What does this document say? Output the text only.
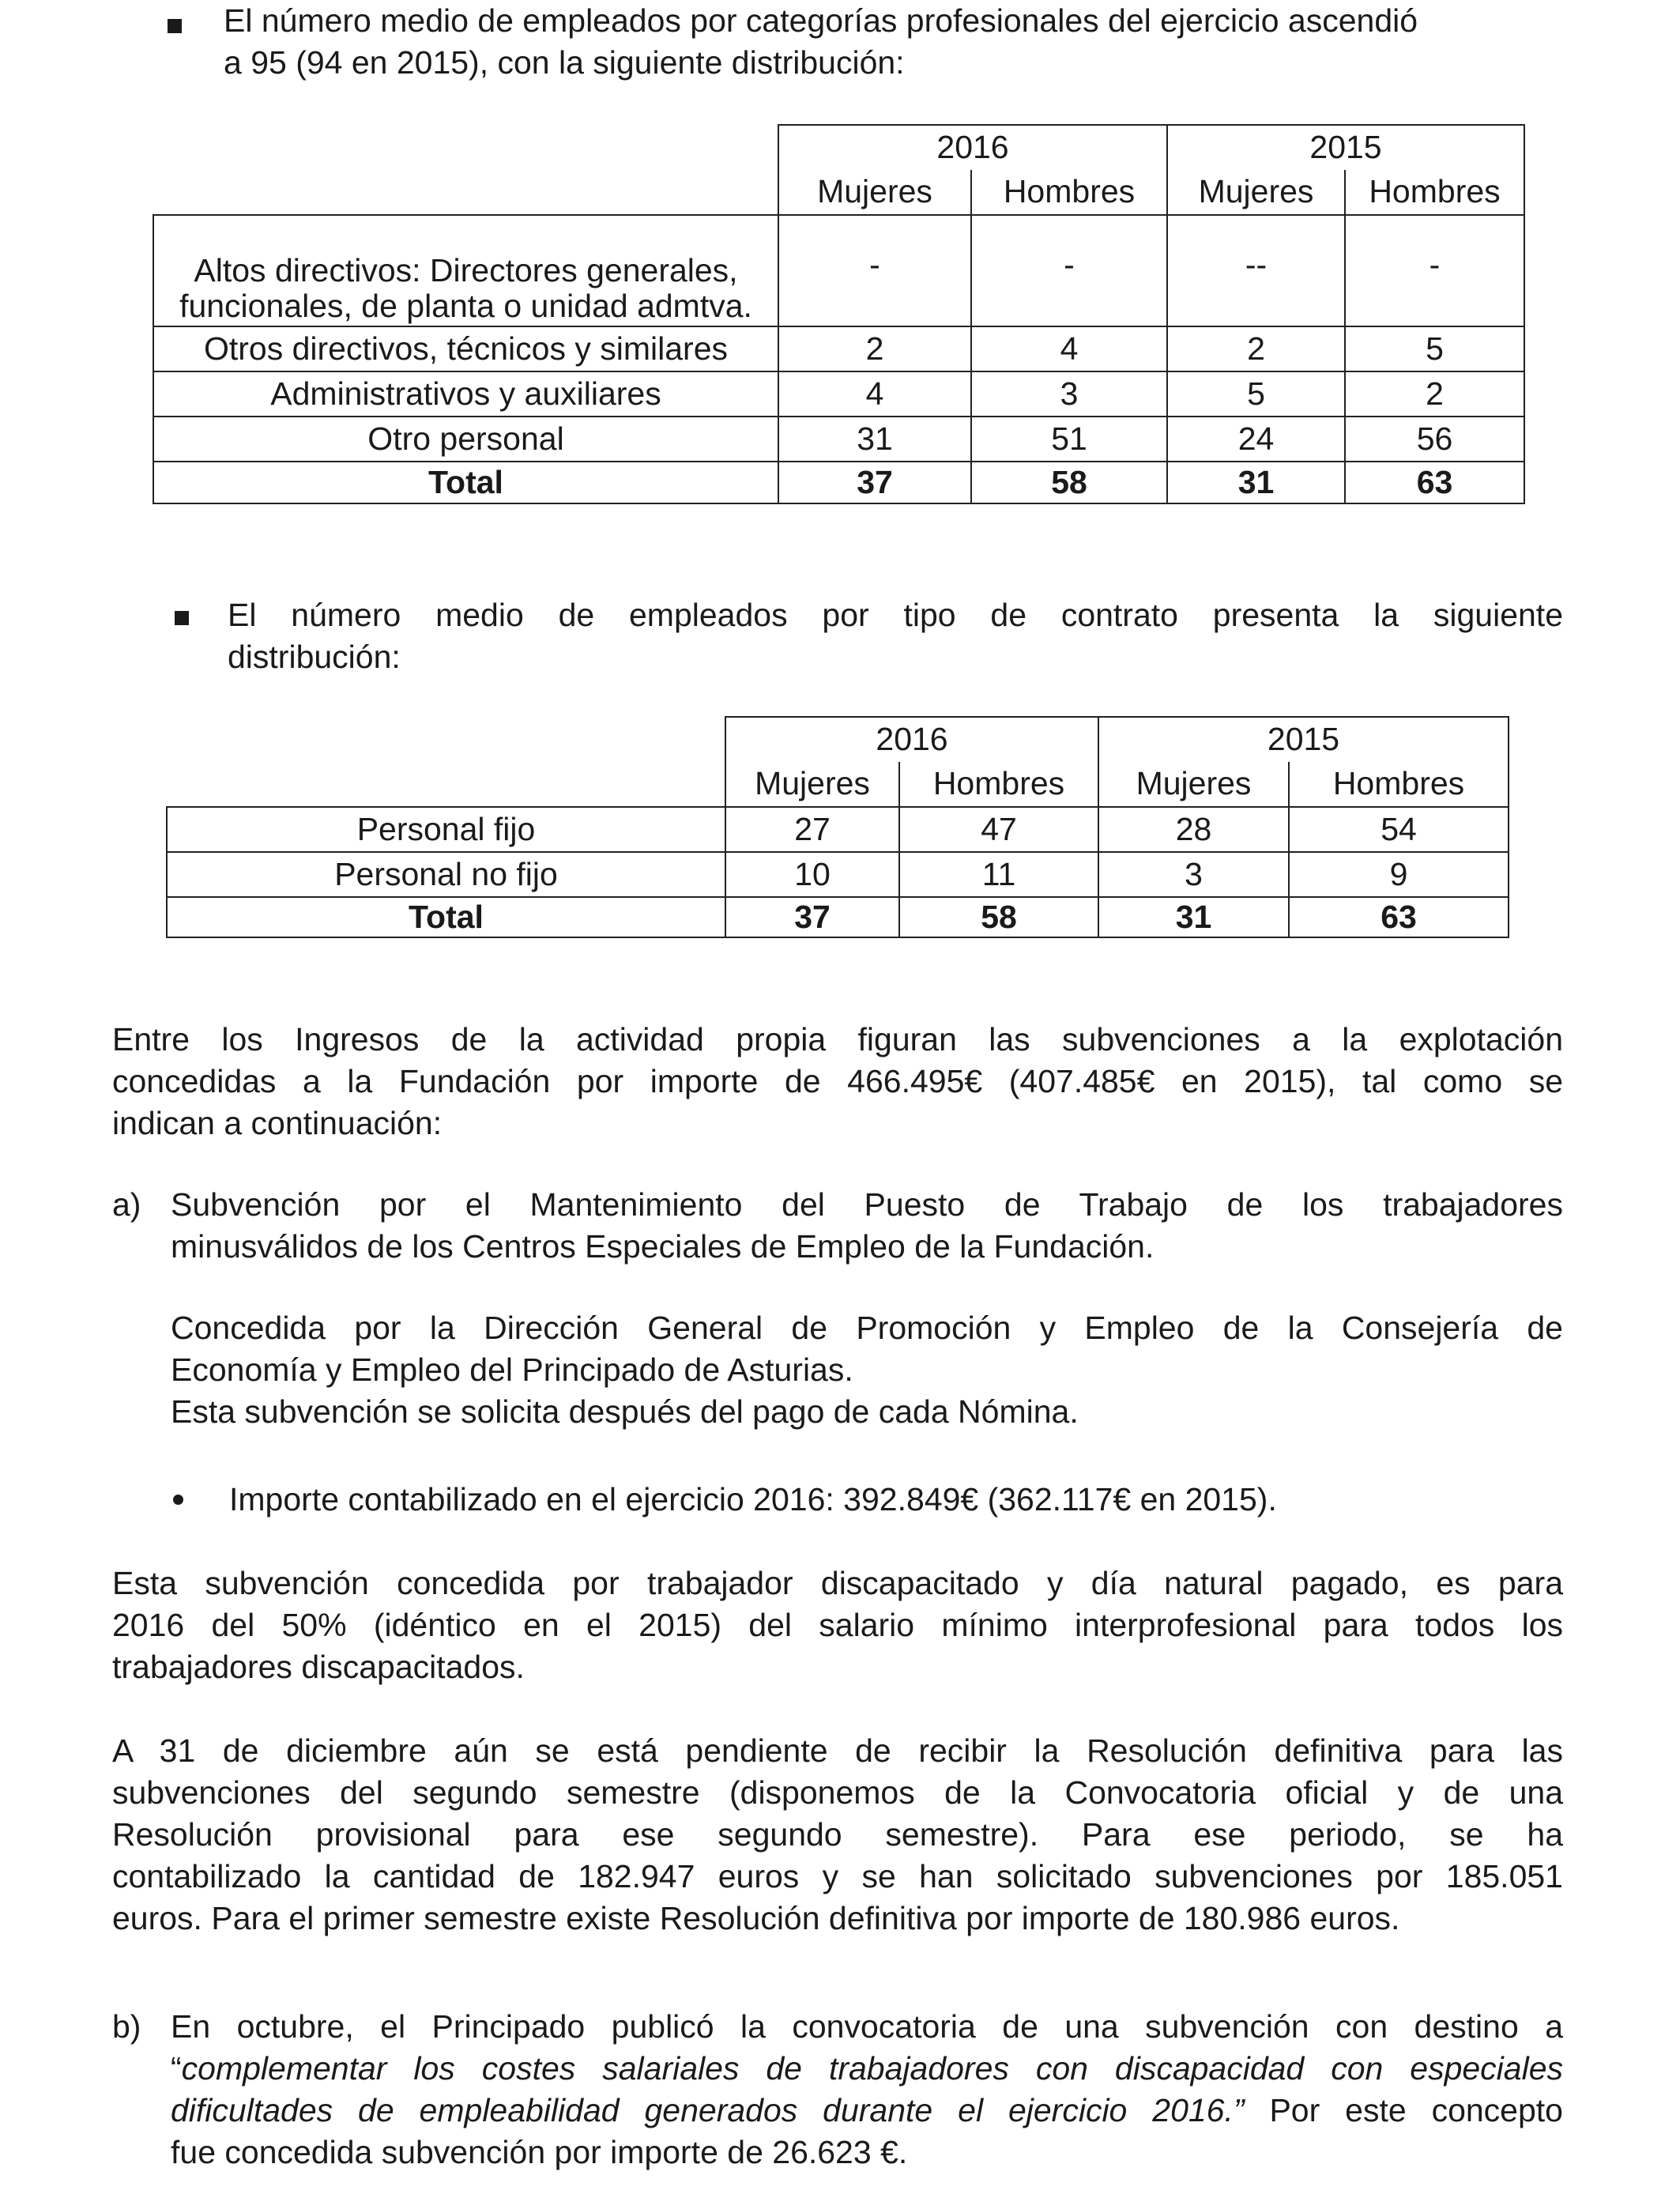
El número medio de empleados por categorías profesionales del ejercicio ascendió
a 95 (94 en 2015), con la siguiente distribución:
	2016		2015	
	Mujeres	Hombres	Mujeres	Hombres

Altos directivos: Directores generales,
funcionales, de planta o unidad admtva.	-	-	--	-
Otros directivos, técnicos y similares	2	4	2	5
Administrativos y auxiliares	4	3	5	2
Otro personal	31	51	24	56
Total	37	58	31	63
El número medio de empleados por tipo de contrato presenta la siguiente
distribución:
	2016		2015	
	Mujeres	Hombres	Mujeres	Hombres
Personal fijo	27	47	28	54
Personal no fijo	10	11	3	9
Total	37	58	31	63
Entre los Ingresos de la actividad propia figuran las subvenciones a la explotación
concedidas a la Fundación por importe de 466.495€ (407.485€ en 2015), tal como se
indican a continuación:
a) Subvención por el Mantenimiento del Puesto de Trabajo de los trabajadores
minusválidos de los Centros Especiales de Empleo de la Fundación.
Concedida por la Dirección General de Promoción y Empleo de la Consejería de
Economía y Empleo del Principado de Asturias.
Esta subvención se solicita después del pago de cada Nómina.
Importe contabilizado en el ejercicio 2016: 392.849€ (362.117€ en 2015).
Esta subvención concedida por trabajador discapacitado y día natural pagado, es para
2016 del 50% (idéntico en el 2015) del salario mínimo interprofesional para todos los
trabajadores discapacitados.
A 31 de diciembre aún se está pendiente de recibir la Resolución definitiva para las
subvenciones del segundo semestre (disponemos de la Convocatoria oficial y de una
Resolución provisional para ese segundo semestre). Para ese periodo, se ha
contabilizado la cantidad de 182.947 euros y se han solicitado subvenciones por 185.051
euros. Para el primer semestre existe Resolución definitiva por importe de 180.986 euros.
b) En octubre, el Principado publicó la convocatoria de una subvención con destino a
“complementar los costes salariales de trabajadores con discapacidad con especiales
dificultades de empleabilidad generados durante el ejercicio 2016.” Por este concepto
fue concedida subvención por importe de 26.623 €.
